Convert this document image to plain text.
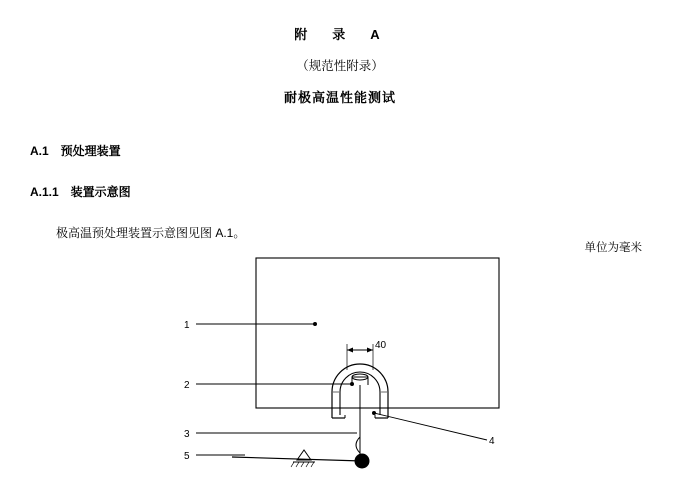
附　录　A
（规范性附录）
耐极高温性能测试
A.1　预处理装置
A.1.1　装置示意图
极高温预处理装置示意图见图 A.1。
单位为毫米
40
1
2
3
4
5
